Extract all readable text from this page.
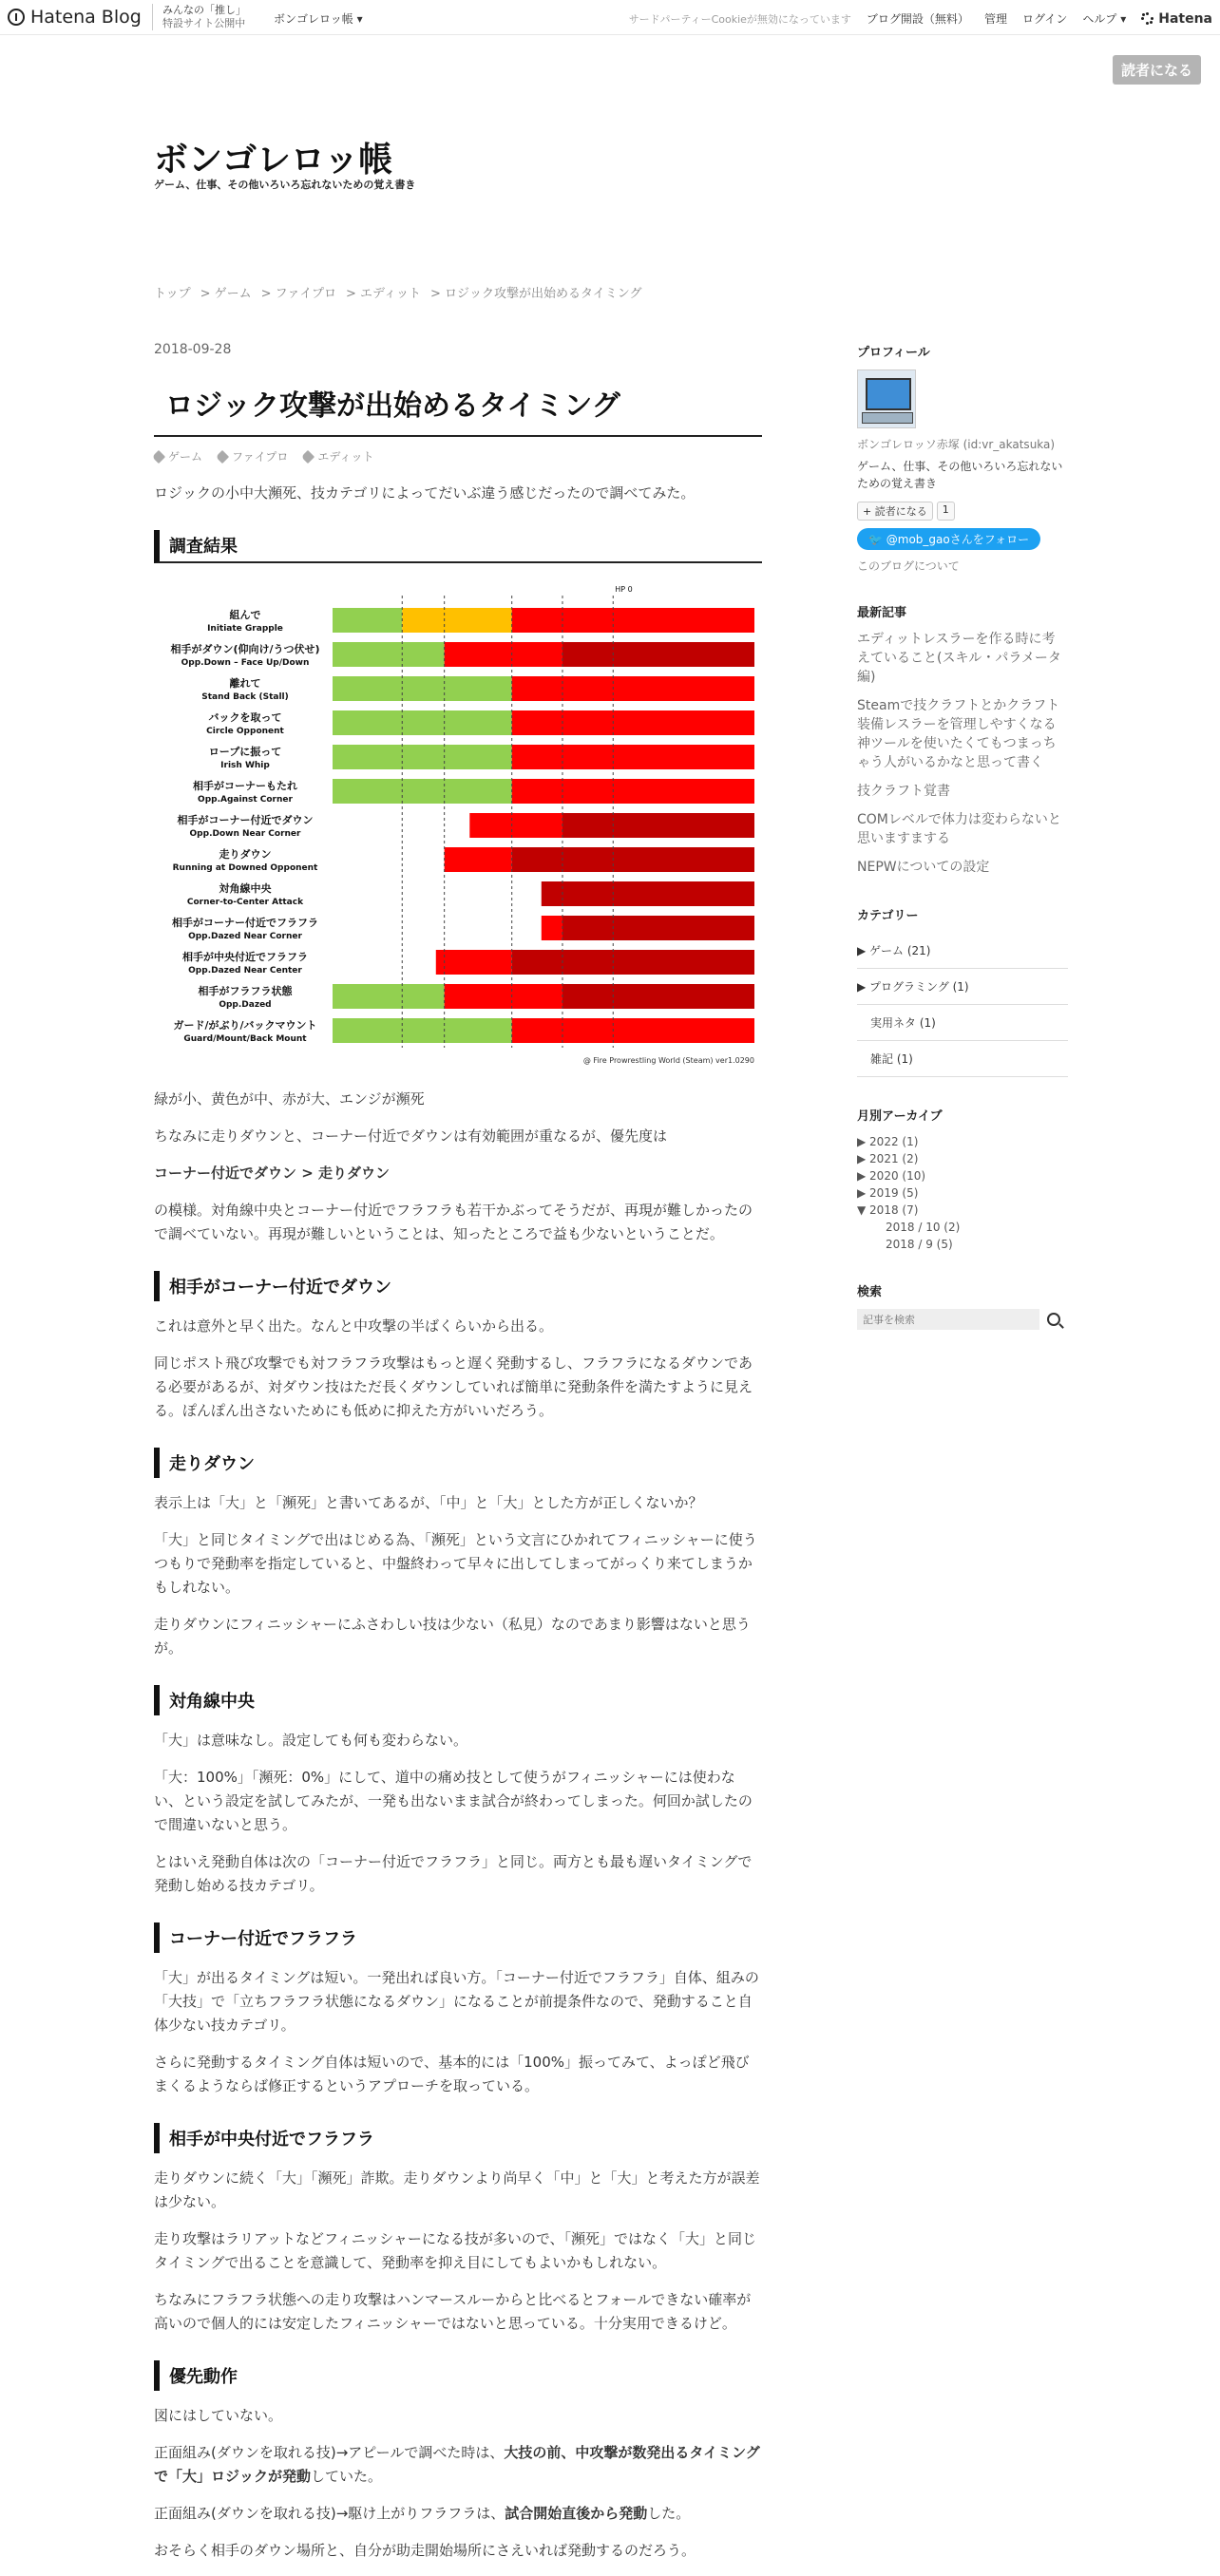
Hatena Blog みんなの「推し」
特設サイト公開中 ボンゴレロッ帳 ▾	サードパーティーCookieが無効になっています ブログ開設（無料） 管理 ログイン ヘルプ ▾ Hatena
読者になる
ボンゴレロッ帳
ゲーム、仕事、その他いろいろ忘れないための覚え書き
トップ > ゲーム > ファイプロ > エディット > ロジック攻撃が出始めるタイミング
2018-09-28
ロジック攻撃が出始めるタイミング
ゲーム	ファイプロ	エディット

ロジックの小中大瀕死、技カテゴリによってだいぶ違う感じだったので調べてみた。

調査結果
組んで
Initiate Grapple
相手がダウン(仰向け/うつ伏せ)
Opp.Down – Face Up/Down
離れて
Stand Back (Stall)
バックを取って
Circle Opponent
ロープに振って
Irish Whip
相手がコーナーもたれ
Opp.Against Corner
相手がコーナー付近でダウン
Opp.Down Near Corner
走りダウン
Running at Downed Opponent
対角線中央
Corner-to-Center Attack
相手がコーナー付近でフラフラ
Opp.Dazed Near Corner
相手が中央付近でフラフラ
Opp.Dazed Near Center
相手がフラフラ状態
Opp.Dazed
ガード/がぶり/バックマウント
Guard/Mount/Back Mount
HP 0
@ Fire Prowrestling World (Steam) ver1.0290

緑が小、黄色が中、赤が大、エンジが瀕死

ちなみに走りダウンと、コーナー付近でダウンは有効範囲が重なるが、優先度は

コーナー付近でダウン > 走りダウン

の模様。対角線中央とコーナー付近でフラフラも若干かぶってそうだが、再現が難しかったので調べていない。再現が難しいということは、知ったところで益も少ないということだ。

相手がコーナー付近でダウン

これは意外と早く出た。なんと中攻撃の半ばくらいから出る。

同じポスト飛び攻撃でも対フラフラ攻撃はもっと遅く発動するし、フラフラになるダウンである必要があるが、対ダウン技はただ長くダウンしていれば簡単に発動条件を満たすように見える。ぽんぽん出さないためにも低めに抑えた方がいいだろう。

走りダウン

表示上は「大」と「瀕死」と書いてあるが、「中」と「大」とした方が正しくないか？

「大」と同じタイミングで出はじめる為、「瀕死」という文言にひかれてフィニッシャーに使うつもりで発動率を指定していると、中盤終わって早々に出してしまってがっくり来てしまうかもしれない。

走りダウンにフィニッシャーにふさわしい技は少ない（私見）なのであまり影響はないと思うが。

対角線中央

「大」は意味なし。設定しても何も変わらない。

「大：100%」「瀕死：0%」にして、道中の痛め技として使うがフィニッシャーには使わない、という設定を試してみたが、一発も出ないまま試合が終わってしまった。何回か試したので間違いないと思う。

とはいえ発動自体は次の「コーナー付近でフラフラ」と同じ。両方とも最も遅いタイミングで発動し始める技カテゴリ。

コーナー付近でフラフラ

「大」が出るタイミングは短い。一発出れば良い方。「コーナー付近でフラフラ」自体、組みの「大技」で「立ちフラフラ状態になるダウン」になることが前提条件なので、発動すること自体少ない技カテゴリ。

さらに発動するタイミング自体は短いので、基本的には「100%」振ってみて、よっぽど飛びまくるようならば修正するというアプローチを取っている。

相手が中央付近でフラフラ

走りダウンに続く「大」「瀕死」詐欺。走りダウンより尚早く「中」と「大」と考えた方が誤差は少ない。

走り攻撃はラリアットなどフィニッシャーになる技が多いので、「瀕死」ではなく「大」と同じタイミングで出ることを意識して、発動率を抑え目にしてもよいかもしれない。

ちなみにフラフラ状態への走り攻撃はハンマースルーからと比べるとフォールできない確率が高いので個人的には安定したフィニッシャーではないと思っている。十分実用できるけど。

優先動作

図にはしていない。

正面組み(ダウンを取れる技)→アピールで調べた時は、大技の前、中攻撃が数発出るタイミングで「大」ロジックが発動していた。

正面組み(ダウンを取れる技)→駆け上がりフラフラは、試合開始直後から発動した。

おそらく相手のダウン場所と、自分が助走開始場所にさえいれば発動するのだろう。

プロフィール
ボンゴレロッソ赤塚 (id:vr_akatsuka)
ゲーム、仕事、その他いろいろ忘れないための覚え書き
+ 読者になる	1
🐦 @mob_gaoさんをフォロー
このブログについて
最新記事
エディットレスラーを作る時に考えていること(スキル・パラメータ編)
Steamで技クラフトとかクラフト装備レスラーを管理しやすくなる神ツールを使いたくてもつまっちゃう人がいるかなと思って書く
技クラフト覚書
COMレベルで体力は変わらないと思いますまする
NEPWについての設定
カテゴリー
▶ ゲーム (21)
▶ プログラミング (1)
実用ネタ (1)
雑記 (1)
月別アーカイブ
▶ 2022 (1)
▶ 2021 (2)
▶ 2020 (10)
▶ 2019 (5)
▼ 2018 (7)
2018 / 10 (2)
2018 / 9 (5)
検索
記事を検索
